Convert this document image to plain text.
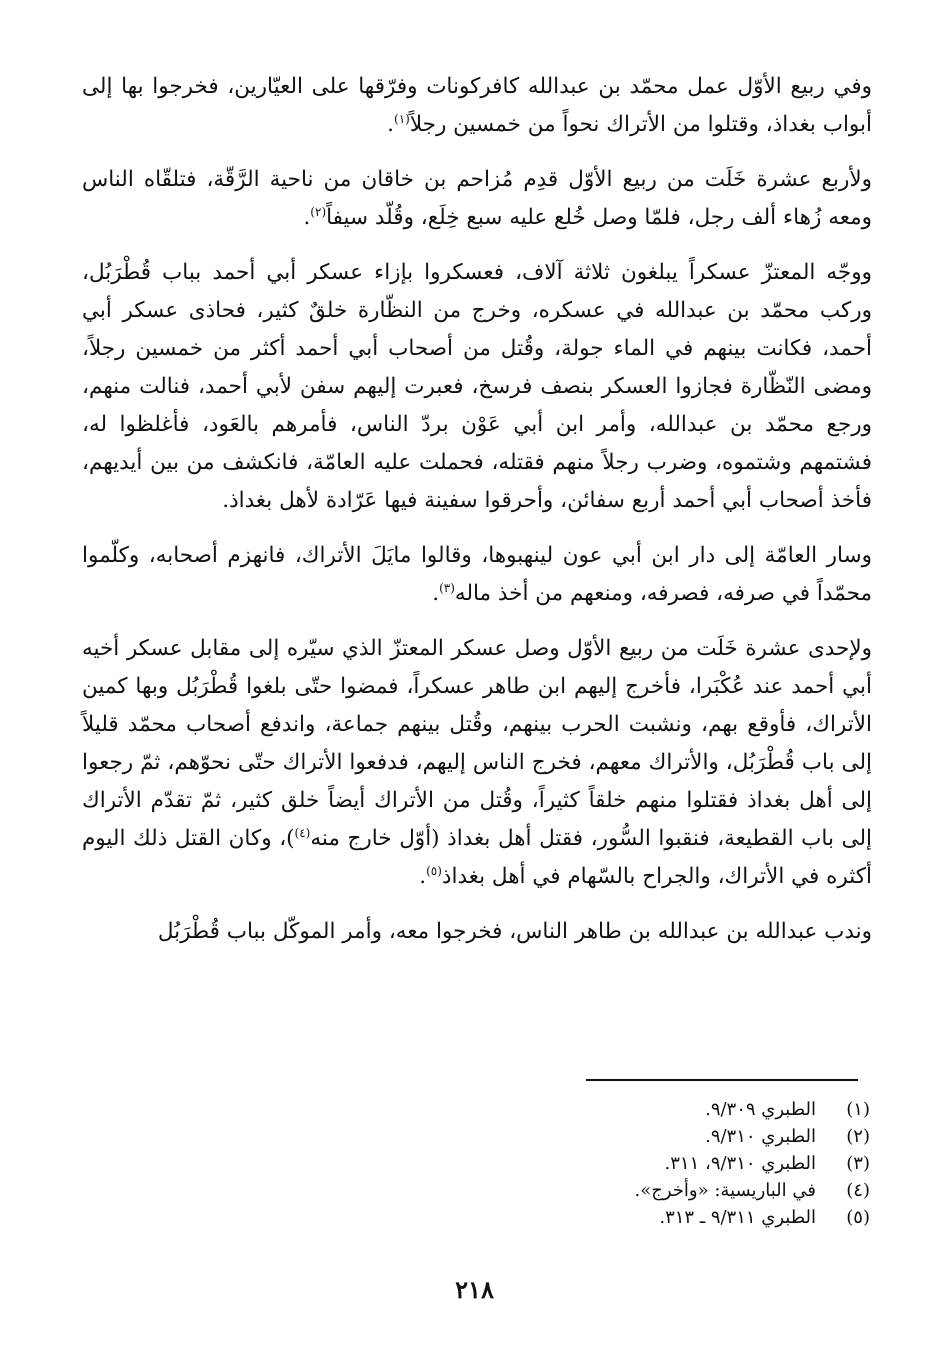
وفي ربيع الأوّل عمل محمّد بن عبدالله كافركونات وفرّقها على العيّارين، فخرجوا بها إلى أبواب بغداذ، وقتلوا من الأتراك نحواً من خمسين رجلاً$^{(١)}$.

ولأربع عشرة خَلَت من ربيع الأوّل قدِم مُزاحم بن خاقان من ناحية الرَّقّة، فتلقّاه الناس ومعه زُهاء ألف رجل، فلمّا وصل خُلع عليه سبع خِلَع، وقُلّد سيفاً$^{(٢)}$.

ووجّه المعتزّ عسكراً يبلغون ثلاثة آلاف، فعسكروا بإزاء عسكر أبي أحمد بباب قُطْرَبُل، وركب محمّد بن عبدالله في عسكره، وخرج من النظّارة خلقٌ كثير، فحاذى عسكر أبي أحمد، فكانت بينهم في الماء جولة، وقُتل من أصحاب أبي أحمد أكثر من خمسين رجلاً، ومضى النّظّارة فجازوا العسكر بنصف فرسخ، فعبرت إليهم سفن لأبي أحمد، فنالت منهم، ورجع محمّد بن عبدالله، وأمر ابن أبي عَوْن بردّ الناس، فأمرهم بالعَود، فأغلظوا له، فشتمهم وشتموه، وضرب رجلاً منهم فقتله، فحملت عليه العامّة، فانكشف من بين أيديهم، فأخذ أصحاب أبي أحمد أربع سفائن، وأحرقوا سفينة فيها عَرّادة لأهل بغداذ.

وسار العامّة إلى دار ابن أبي عون لينهبوها، وقالوا مايَلَ الأتراك، فانهزم أصحابه، وكلّموا محمّداً في صرفه، فصرفه، ومنعهم من أخذ ماله$^{(٣)}$.

ولإحدى عشرة خَلَت من ربيع الأوّل وصل عسكر المعتزّ الذي سيّره إلى مقابل عسكر أخيه أبي أحمد عند عُكْبَرا، فأخرج إليهم ابن طاهر عسكراً، فمضوا حتّى بلغوا قُطْرَبُل وبها كمين الأتراك، فأوقع بهم، ونشبت الحرب بينهم، وقُتل بينهم جماعة، واندفع أصحاب محمّد قليلاً إلى باب قُطْرَبُل، والأتراك معهم، فخرج الناس إليهم، فدفعوا الأتراك حتّى نحوّهم، ثمّ رجعوا إلى أهل بغداذ فقتلوا منهم خلقاً كثيراً، وقُتل من الأتراك أيضاً خلق كثير، ثمّ تقدّم الأتراك إلى باب القطيعة، فنقبوا السُّور، فقتل أهل بغداذ (أوّل خارج منه$^{(٤)}$)، وكان القتل ذلك اليوم أكثره في الأتراك، والجراح بالسّهام في أهل بغداذ$^{(٥)}$.

وندب عبدالله بن عبدالله بن طاهر الناس، فخرجوا معه، وأمر الموكّل بباب قُطْرَبُل

(١)
الطبري ٩/٣٠٩.
(٢)
الطبري ٩/٣١٠.
(٣)
الطبري ٩/٣١٠، ٣١١.
(٤)
في الباريسية: «وأخرج».
(٥)
الطبري ٩/٣١١ ـ ٣١٣.
٢١٨
